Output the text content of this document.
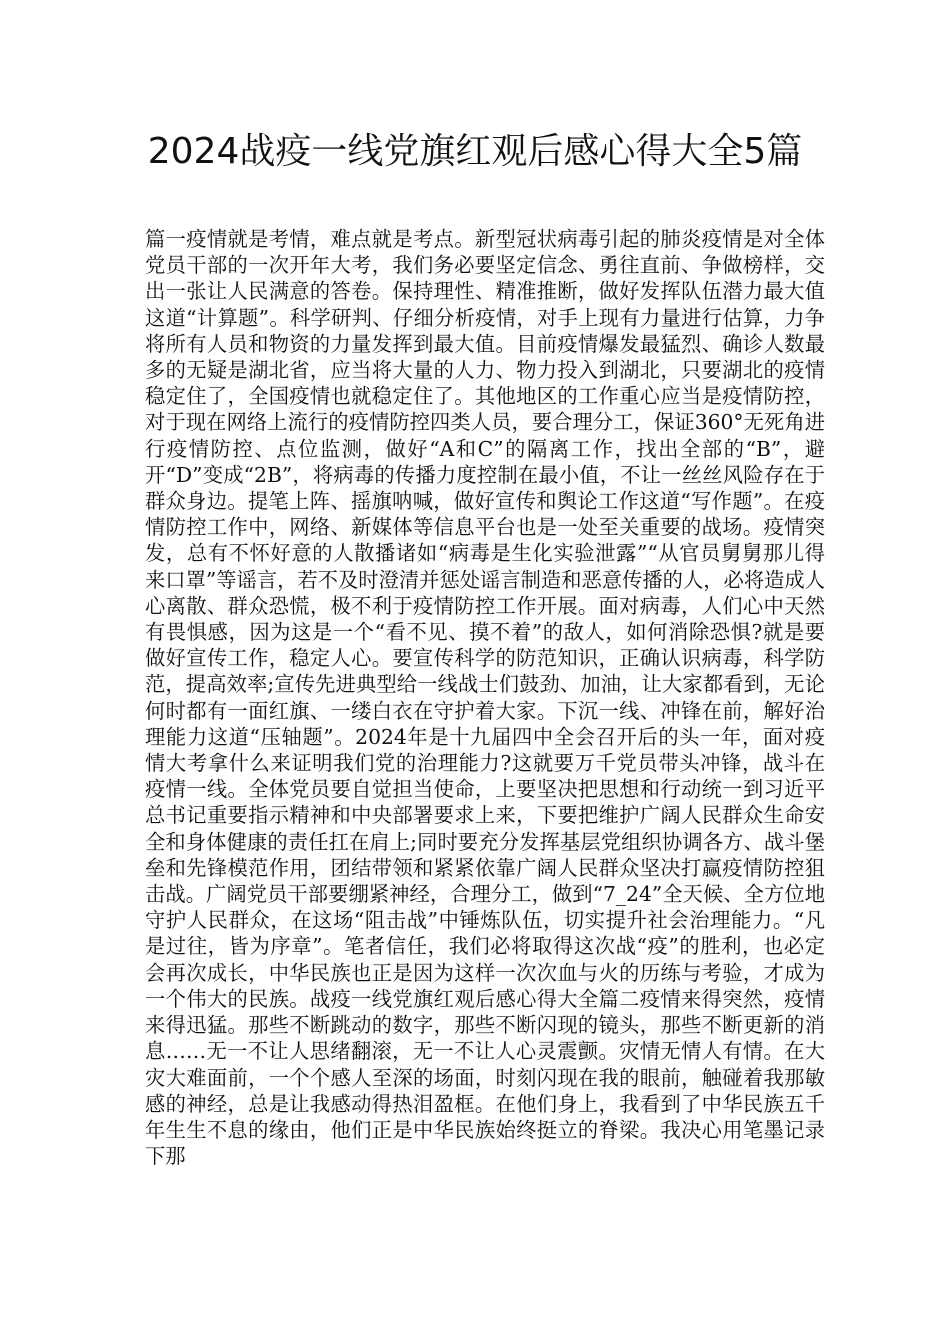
2024战疫一线党旗红观后感心得大全5篇

篇一疫情就是考情，难点就是考点。新型冠状病毒引起的肺炎疫情是对全体党员干部的一次开年大考，我们务必要坚定信念、勇往直前、争做榜样，交出一张让人民满意的答卷。保持理性、精准推断，做好发挥队伍潜力最大值这道“计算题”。科学研判、仔细分析疫情，对手上现有力量进行估算，力争将所有人员和物资的力量发挥到最大值。目前疫情爆发最猛烈、确诊人数最多的无疑是湖北省，应当将大量的人力、物力投入到湖北，只要湖北的疫情稳定住了，全国疫情也就稳定住了。其他地区的工作重心应当是疫情防控，对于现在网络上流行的疫情防控四类人员，要合理分工，保证360°无死角进行疫情防控、点位监测，做好“A和C”的隔离工作，找出全部的“B”，避开“D”变成“2B”，将病毒的传播力度控制在最小值，不让一丝丝风险存在于群众身边。提笔上阵、摇旗呐喊，做好宣传和舆论工作这道“写作题”。在疫情防控工作中，网络、新媒体等信息平台也是一处至关重要的战场。疫情突发，总有不怀好意的人散播诸如“病毒是生化实验泄露”“从官员舅舅那儿得来口罩”等谣言，若不及时澄清并惩处谣言制造和恶意传播的人，必将造成人心离散、群众恐慌，极不利于疫情防控工作开展。面对病毒，人们心中天然有畏惧感，因为这是一个“看不见、摸不着”的敌人，如何消除恐惧?就是要做好宣传工作，稳定人心。要宣传科学的防范知识，正确认识病毒，科学防范，提高效率;宣传先进典型给一线战士们鼓劲、加油，让大家都看到，无论何时都有一面红旗、一缕白衣在守护着大家。下沉一线、冲锋在前，解好治理能力这道“压轴题”。2024年是十九届四中全会召开后的头一年，面对疫情大考拿什么来证明我们党的治理能力?这就要万千党员带头冲锋，战斗在疫情一线。全体党员要自觉担当使命，上要坚决把思想和行动统一到习近平总书记重要指示精神和中央部署要求上来，下要把维护广阔人民群众生命安全和身体健康的责任扛在肩上;同时要充分发挥基层党组织协调各方、战斗堡垒和先锋模范作用，团结带领和紧紧依靠广阔人民群众坚决打赢疫情防控狙击战。广阔党员干部要绷紧神经，合理分工，做到“7_24”全天候、全方位地守护人民群众，在这场“阻击战”中锤炼队伍，切实提升社会治理能力。“凡是过往，皆为序章”。笔者信任，我们必将取得这次战“疫”的胜利，也必定会再次成长，中华民族也正是因为这样一次次血与火的历练与考验，才成为一个伟大的民族。战疫一线党旗红观后感心得大全篇二疫情来得突然，疫情来得迅猛。那些不断跳动的数字，那些不断闪现的镜头，那些不断更新的消息……无一不让人思绪翻滚，无一不让人心灵震颤。灾情无情人有情。在大灾大难面前，一个个感人至深的场面，时刻闪现在我的眼前，触碰着我那敏感的神经，总是让我感动得热泪盈框。在他们身上，我看到了中华民族五千年生生不息的缘由，他们正是中华民族始终挺立的脊梁。我决心用笔墨记录下那
